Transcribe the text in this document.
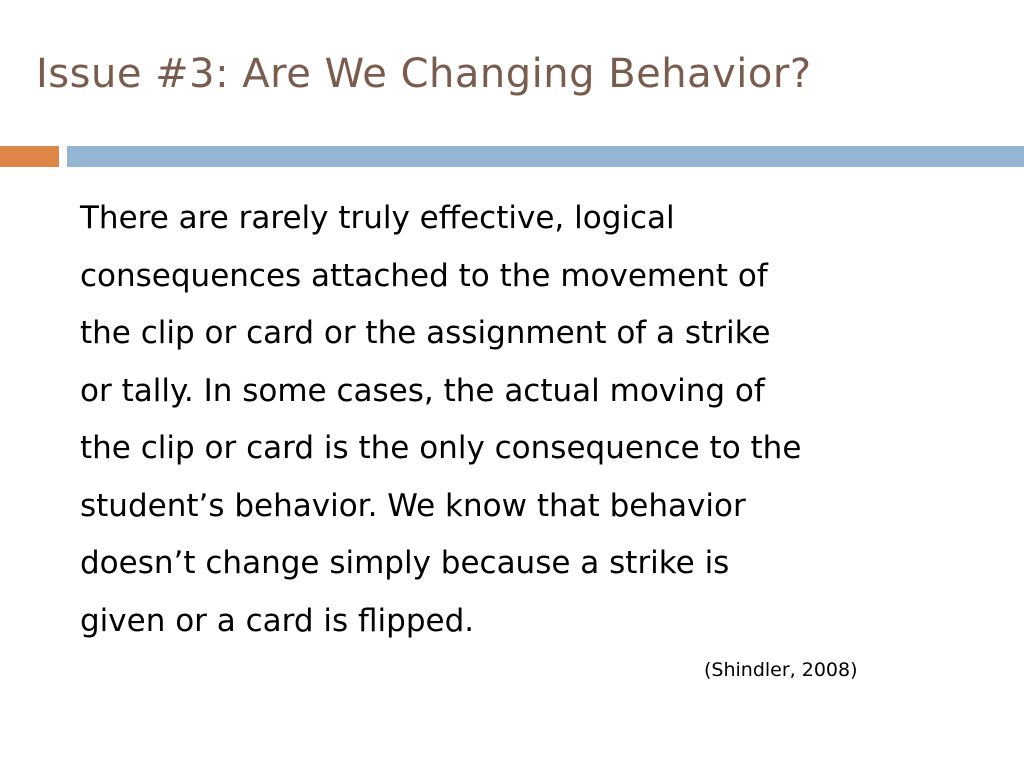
Issue #3: Are We Changing Behavior?

There are rarely truly effective, logical
consequences attached to the movement of
the clip or card or the assignment of a strike
or tally. In some cases, the actual moving of
the clip or card is the only consequence to the
student’s behavior. We know that behavior
doesn’t change simply because a strike is
given or a card is flipped.

(Shindler, 2008)
